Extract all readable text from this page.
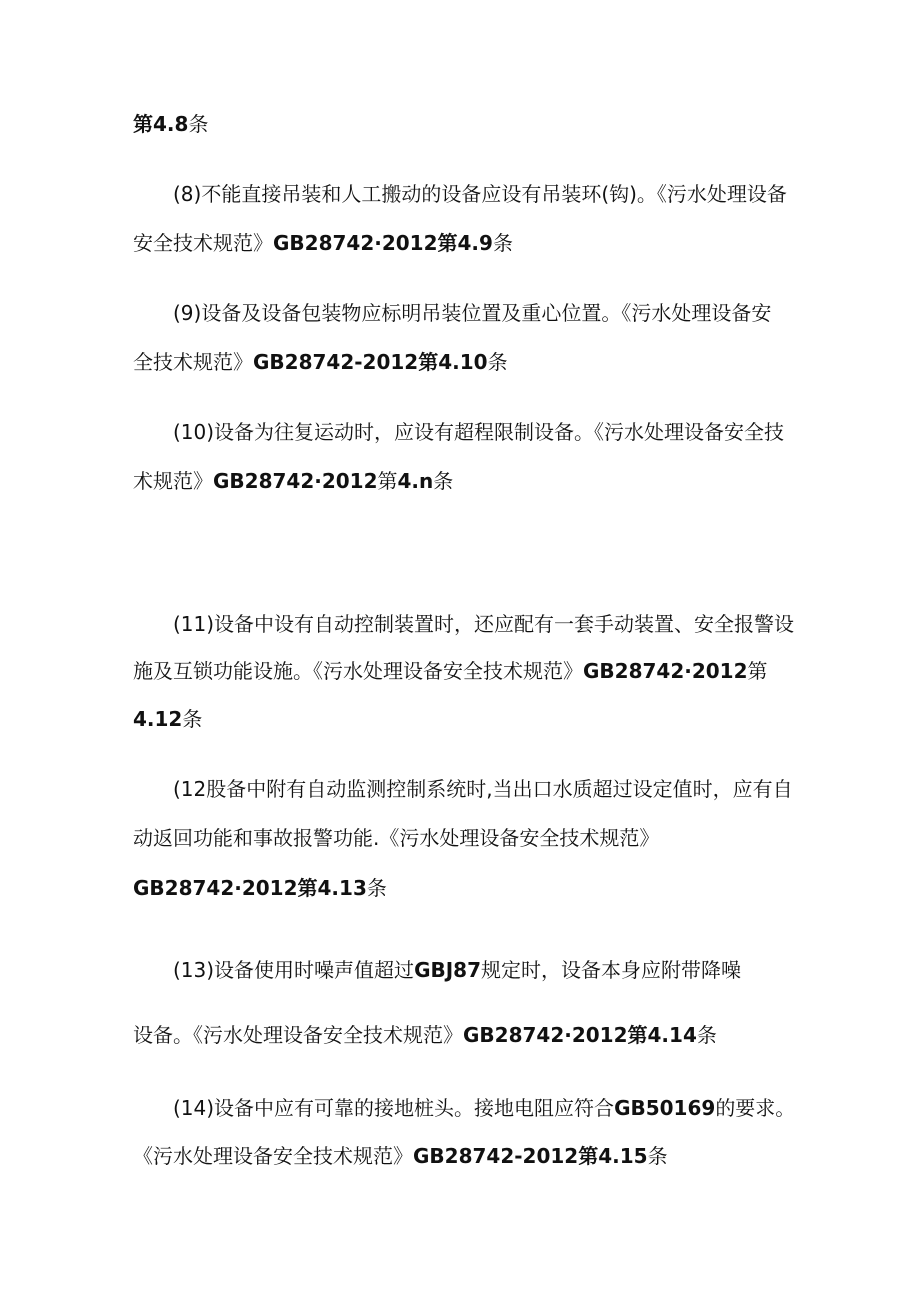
第4.8条
(8)不能直接吊装和人工搬动的设备应设有吊装环(钩)。《污水处理设备
安全技术规范》GB28742·2012第4.9条
(9)设备及设备包装物应标明吊装位置及重心位置。《污水处理设备安
全技术规范》GB28742-2012第4.10条
(10)设备为往复运动时，应设有超程限制设备。《污水处理设备安全技
术规范》GB28742·2012第4.n条
(11)设备中设有自动控制装置时，还应配有一套手动装置、安全报警设
施及互锁功能设施。《污水处理设备安全技术规范》GB28742·2012第
4.12条
(12股备中附有自动监测控制系统时,当出口水质超过设定值时，应有自
动返回功能和事故报警功能.《污水处理设备安全技术规范》
GB28742·2012第4.13条
(13)设备使用时噪声值超过GBJ87规定时，设备本身应附带降噪
设备。《污水处理设备安全技术规范》GB28742·2012第4.14条
(14)设备中应有可靠的接地桩头。接地电阻应符合GB50169的要求。
《污水处理设备安全技术规范》GB28742-2012第4.15条
